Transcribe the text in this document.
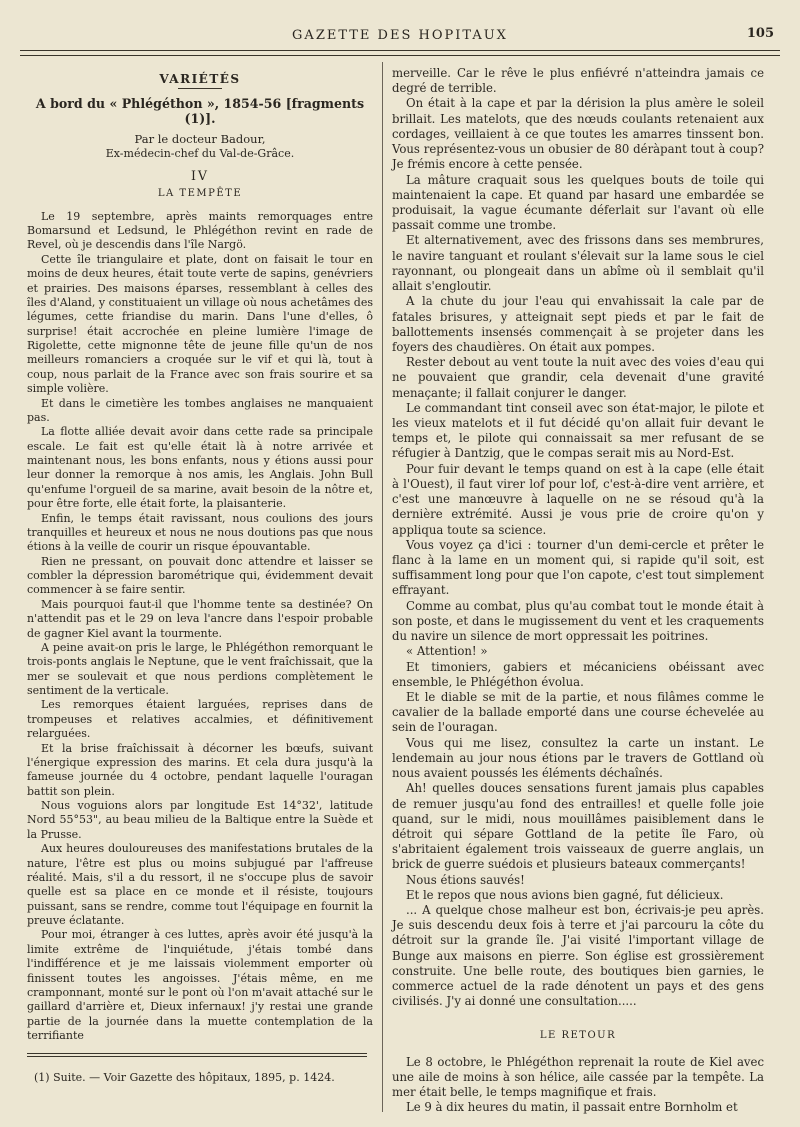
GAZETTE DES HOPITAUX	105

VARIÉTÉS

A bord du « Phlégéthon », 1854-56 [fragments (1)].

Par le docteur Badour,

Ex-médecin-chef du Val-de-Grâce.

IV

LA TEMPÊTE

Le 19 septembre, après maints remorquages entre Bomarsund et Ledsund, le Phlégéthon revint en rade de Revel, où je descendis dans l'île Nargö.

Cette île triangulaire et plate, dont on faisait le tour en moins de deux heures, était toute verte de sapins, genévriers et prairies. Des maisons éparses, ressemblant à celles des îles d'Aland, y constituaient un village où nous achetâmes des légumes, cette friandise du marin. Dans l'une d'elles, ô surprise! était accrochée en pleine lumière l'image de Rigolette, cette mignonne tête de jeune fille qu'un de nos meilleurs romanciers a croquée sur le vif et qui là, tout à coup, nous parlait de la France avec son frais sourire et sa simple volière.

Et dans le cimetière les tombes anglaises ne manquaient pas.

La flotte alliée devait avoir dans cette rade sa principale escale. Le fait est qu'elle était là à notre arrivée et maintenant nous, les bons enfants, nous y étions aussi pour leur donner la remorque à nos amis, les Anglais. John Bull qu'enfume l'orgueil de sa marine, avait besoin de la nôtre et, pour être forte, elle était forte, la plaisanterie.

Enfin, le temps était ravissant, nous coulions des jours tranquilles et heureux et nous ne nous doutions pas que nous étions à la veille de courir un risque épouvantable.

Rien ne pressant, on pouvait donc attendre et laisser se combler la dépression barométrique qui, évidemment devait commencer à se faire sentir.

Mais pourquoi faut-il que l'homme tente sa destinée? On n'attendit pas et le 29 on leva l'ancre dans l'espoir probable de gagner Kiel avant la tourmente.

A peine avait-on pris le large, le Phlégéthon remorquant le trois-ponts anglais le Neptune, que le vent fraîchissait, que la mer se soulevait et que nous perdions complètement le sentiment de la verticale.

Les remorques étaient larguées, reprises dans de trompeuses et relatives accalmies, et définitivement relarguées.

Et la brise fraîchissait à décorner les bœufs, suivant l'énergique expression des marins. Et cela dura jusqu'à la fameuse journée du 4 octobre, pendant laquelle l'ouragan battit son plein.

Nous voguions alors par longitude Est 14°32', latitude Nord 55°53", au beau milieu de la Baltique entre la Suède et la Prusse.

Aux heures douloureuses des manifestations brutales de la nature, l'être est plus ou moins subjugué par l'affreuse réalité. Mais, s'il a du ressort, il ne s'occupe plus de savoir quelle est sa place en ce monde et il résiste, toujours puissant, sans se rendre, comme tout l'équipage en fournit la preuve éclatante.

Pour moi, étranger à ces luttes, après avoir été jusqu'à la limite extrême de l'inquiétude, j'étais tombé dans l'indifférence et je me laissais violemment emporter où finissent toutes les angoisses. J'étais même, en me cramponnant, monté sur le pont où l'on m'avait attaché sur le gaillard d'arrière et, Dieux infernaux! j'y restai une grande partie de la journée dans la muette contemplation de la terrifiante

merveille. Car le rêve le plus enfiévré n'atteindra jamais ce degré de terrible.

On était à la cape et par la dérision la plus amère le soleil brillait. Les matelots, que des nœuds coulants retenaient aux cordages, veillaient à ce que toutes les amarres tinssent bon. Vous représentez-vous un obusier de 80 déràpant tout à coup? Je frémis encore à cette pensée.

La mâture craquait sous les quelques bouts de toile qui maintenaient la cape. Et quand par hasard une embardée se produisait, la vague écumante déferlait sur l'avant où elle passait comme une trombe.

Et alternativement, avec des frissons dans ses membrures, le navire tanguant et roulant s'élevait sur la lame sous le ciel rayonnant, ou plongeait dans un abîme où il semblait qu'il allait s'engloutir.

A la chute du jour l'eau qui envahissait la cale par de fatales brisures, y atteignait sept pieds et par le fait de ballottements insensés commençait à se projeter dans les foyers des chaudières. On était aux pompes.

Rester debout au vent toute la nuit avec des voies d'eau qui ne pouvaient que grandir, cela devenait d'une gravité menaçante; il fallait conjurer le danger.

Le commandant tint conseil avec son état-major, le pilote et les vieux matelots et il fut décidé qu'on allait fuir devant le temps et, le pilote qui connaissait sa mer refusant de se réfugier à Dantzig, que le compas serait mis au Nord-Est.

Pour fuir devant le temps quand on est à la cape (elle était à l'Ouest), il faut virer lof pour lof, c'est-à-dire vent arrière, et c'est une manœuvre à laquelle on ne se résoud qu'à la dernière extrémité. Aussi je vous prie de croire qu'on y appliqua toute sa science.

Vous voyez ça d'ici : tourner d'un demi-cercle et prêter le flanc à la lame en un moment qui, si rapide qu'il soit, est suffisamment long pour que l'on capote, c'est tout simplement effrayant.

Comme au combat, plus qu'au combat tout le monde était à son poste, et dans le mugissement du vent et les craquements du navire un silence de mort oppressait les poitrines.

« Attention! »

Et timoniers, gabiers et mécaniciens obéissant avec ensemble, le Phlégéthon évolua.

Et le diable se mit de la partie, et nous filâmes comme le cavalier de la ballade emporté dans une course échevelée au sein de l'ouragan.

Vous qui me lisez, consultez la carte un instant. Le lendemain au jour nous étions par le travers de Gottland où nous avaient poussés les éléments déchaînés.

Ah! quelles douces sensations furent jamais plus capables de remuer jusqu'au fond des entrailles! et quelle folle joie quand, sur le midi, nous mouillâmes paisiblement dans le détroit qui sépare Gottland de la petite île Faro, où s'abritaient également trois vaisseaux de guerre anglais, un brick de guerre suédois et plusieurs bateaux commerçants!

Nous étions sauvés!

Et le repos que nous avions bien gagné, fut délicieux.

... A quelque chose malheur est bon, écrivais-je peu après. Je suis descendu deux fois à terre et j'ai parcouru la côte du détroit sur la grande île. J'ai visité l'important village de Bunge aux maisons en pierre. Son église est grossièrement construite. Une belle route, des boutiques bien garnies, le commerce actuel de la rade dénotent un pays et des gens civilisés. J'y ai donné une consultation.....

LE RETOUR

Le 8 octobre, le Phlégéthon reprenait la route de Kiel avec une aile de moins à son hélice, aile cassée par la tempête. La mer était belle, le temps magnifique et frais.

Le 9 à dix heures du matin, il passait entre Bornholm et

(1) Suite. — Voir Gazette des hôpitaux, 1895, p. 1424.
